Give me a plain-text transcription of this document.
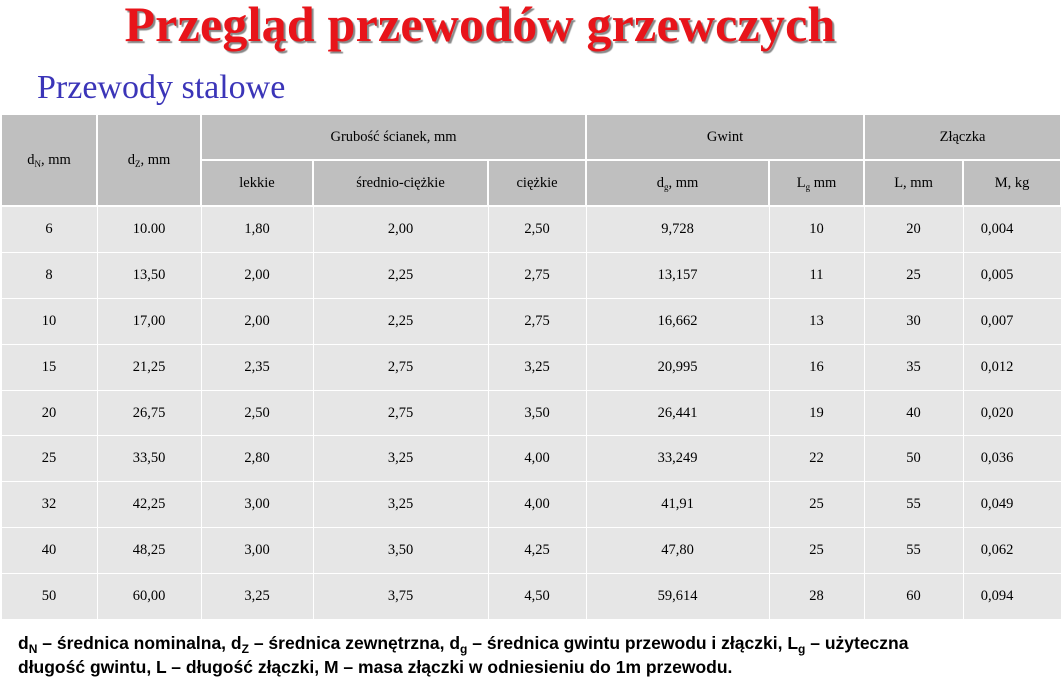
Przegląd przewodów grzewczych
Przewody stalowe
$d_N$, mm	$d_Z$, mm	Grubość ścianek, mm			Gwint		Złączka	
		lekkie	średnio-ciężkie	ciężkie	$d_g$, mm	$L_g$ mm	L, mm	M, kg
6	10.00	1,80	2,00	2,50	9,728	10	20	0,004
8	13,50	2,00	2,25	2,75	13,157	11	25	0,005
10	17,00	2,00	2,25	2,75	16,662	13	30	0,007
15	21,25	2,35	2,75	3,25	20,995	16	35	0,012
20	26,75	2,50	2,75	3,50	26,441	19	40	0,020
25	33,50	2,80	3,25	4,00	33,249	22	50	0,036
32	42,25	3,00	3,25	4,00	41,91	25	55	0,049
40	48,25	3,00	3,50	4,25	47,80	25	55	0,062
50	60,00	3,25	3,75	4,50	59,614	28	60	0,094
$d_N$ – średnica nominalna, $d_Z$ – średnica zewnętrzna, $d_g$ – średnica gwintu przewodu i złączki, $L_g$ – użyteczna długość gwintu, L – długość złączki, M – masa złączki w odniesieniu do 1m przewodu.
